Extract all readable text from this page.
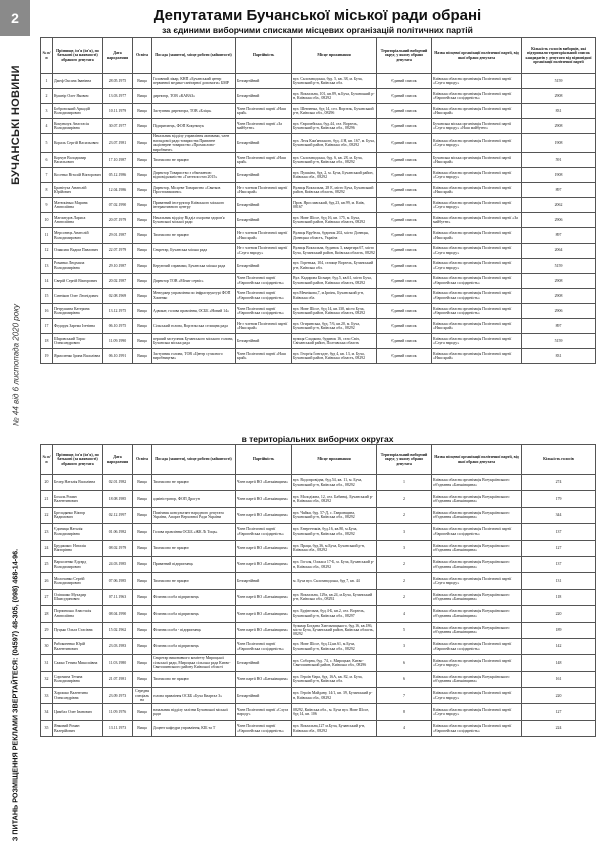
2
БУЧАНСЬКІ НОВИНИ
№ 44 від 6 листопада 2020 року
З ПИТАНЬ РОЗМІЩЕННЯ РЕКЛАМИ ЗВЕРТАЙТЕСЯ: (04597) 48-305, (098) 468-14-96.
Депутатами Бучанської міської ради обрані
за єдиними виборчими списками місцевих організацій політичних партій
№ п/п	Прізвище, ім'я (ім'я), по батькові (за наявності) обраного депутата	Дата народження	Освіта	Посада (заняття), місце роботи (зайнятості)	Партійність	Місце проживання	Територіальний виборчий округ, у якому обрано депутата	Назва місцевої організації політичної партії, від якої обрано депутата	Кількість голосів виборців, які підтримали територіальний список кандидатів у депутати від відповідної організації політичної партії
1	Джеф Оксана Іванівна	28.05.1975	Вища	Головний лікар, КНП «Бучанський центр первинної медико-санітарної допомоги» БМР	Безпартійний	вул. Склозаводська, буд. 5, кв. 38, м. Буча, Бучанський р-н, Київська обл.	Єдиний список	Київська обласна організація Політичної партії «Слуга народу»	5159
2	Кушнір Олег Якович	13.03.1977	Вища	директор, ТОВ «КАВАЗ»	Безпартійний	вул. Вокзальна, 101, кв.89, м.Буча, Бучанський р-н, Київська обл., 08292	Єдиний список	Київська обласна організація Політичної партії «Європейська солідарність»	2908
3	Бобровський Аркадій Володимирович	10.11.1979	Вища	Заступник директора, ТОВ «Бліца»	Член Політичної партії «Наш край»	вул. Шевченка, буд 14, сел. Ворзель, Бучанський р-н, Київська обл., 08296	Єдиний список	Київська обласна організація Політичної партії «Наш край»	831
4	Кокуньчук Анастасія Володимирівна	30.07.1977	Вища	Підприємець, ФОП Кокуньчук	Член Політичної партії «За майбутнє»	вул. Європейська, буд.44, сел. Ворзель, Бучанський р-н, Київська обл., 08296	Єдиний список	Бучанська міська організація Політичної партії «Слуга народу» «Наш майбутнє»	2908
5	Кораль Сергій Васильович	23.07.1981	Вища	Начальник відділу управління активами, член наглядової ради товариства Приватне акціонерне товариство «Промислово-виробниче»	Безпартійний	вул. Леся Кам'янського, буд. 4 Н, кв. 167, м. Буча, Бучанський район, Київська обл., 08292	Єдиний список	Київська обласна організація Політичної партії «Слуга народу»	1908
6	Корчун Володимир Васильович	17.10.1987	Вища	Тимчасово не працює	Член Політичної партії «Наш край»	вул. Склозаводська, буд. 6, кв. 28, м. Буча, Бучанський р-н, Київська обл., 08292	Єдиний список	Бучанська міська організація Політичної партії «Наш край»	591
7	Косенко Віталій Вікторович	05.12.1986	Вища	Директор Товариство з обмеженою відповідальністю «Газтехпостач 2015»	Безпартійний	вул. Пушкіна, буд. 2, м. Буча, Бучанський район, Київська обл., 08292	Єдиний список	Київська обласна організація Політичної партії «Слуга народу»	1908
8	Бранітуха Анатолій Юрійович	12.04.1986	Вища	Директор, Місцеве Товариство «Святков Простоквашино»	Не є членом Політичної партії «Наш край»	Вулиця Вокзальна, 28 Е, місто Буча, Бучанський район, Київська область, 08292	Єдиний список	Київська обласна організація Політичної партії «Наш край»	897
9	Матюкіньш Марина Анатоліївна	07.02.1990	Вища	Приватний інструктор Київського міського інтерактивного центру	Безпартійний	Пров. Ярославський, буд.23, кв.99, м. Київ, 08167	Єдиний список	Київська обласна організація Політичної партії «Слуга народу»	2062
10	Магомедов Лариса Анатоліївна	20.07.1979	Вища	Начальник відділу Відділ охорони здоров'я Бучанської міської ради	Безпартійний	вул. Нове Шосе, буд 16, кв. 175, м. Буча, Бучанський район, Київська область, 08292	Єдиний список	Київська обласна організація Політичної партії «За майбутнє»	2906
11	Мерсонець Анатолій Володимирович	29.01.1987	Вища	Тимчасово не працює	Не є членом Політичної партії «Наш край»	Вулиця Врубеля, будинок 202, місто Донецьк, Донецька область, Україна	Єдиний список	Київська обласна організація Політичної партії «Наш край»	897
12	Оляксиш Вадим Павлович	22.07.1979	Вища	Секретар, Бучанська міська рада	Не є членом Політичної партії «Слуга народу»	Вулиця Вокзальна, будинок 3, квартира 67, місто Буча, Бучанський район, Київська область, 08292	Єдиний список	Київська обласна організація Політичної партії «Слуга народу»	2064
13	Романко Людмила Володимирівна	29.10.1987	Вища	Керуючий справами, Бучанська міська рада	Безпартійний	вул. Горенька, 104, селище Ворзель, Бучанський р-н, Київська обл.	Єдиний список	Київська обласна організація Політичної партії «Слуга народу»	5159
14	Сверій Сергій Вікторович	20.02.1987	Вища	Директор ТОВ «Мічиг сервіс»	Член Політичної партії «Європейська солідарність»	Вул. Кадирова Бісмарт, буд.5, кв.61, місто Буча, Бучанський район, Київська область, 08292	Єдиний список	Київська обласна організація Політичної партії «Європейська солідарність»	2908
15	Ситніков Олег Леонідович	02.08.1969	Вища	Менеджер управління по інфраструктурі ФОП Хоменко	Член Політичної партії «Європейська солідарність»	вул.Мечнікова,7, м.Ірпінь, Бучанський р-н, Київська обл.	Єдиний список	Київська обласна організація Політичної партії «Європейська солідарність»	2908
16	Петрушина Катерина Володимирівна	13.12.1975	Вища	Адвокат, голова правління, ОСББ «Новий 14»	Член Політичної партії «Європейська солідарність»	вул. Нове Шосе, буд 14, кв.130, місто Буча, Бучанський район, Київська область, 08292	Єдиний список	Київська обласна організація Політичної партії «Європейська солідарність»	2906
17	Федорук Зарема Ізетівна	06.10.1975	Вища	Сільський голова, Ворзельська селищна рада	Не є членом Політичної партії «Наш край»	вул. Огиринська, буд. 7/6, кв.20, м. Буча, Бучанський р-н, Київська обл., 08292	Єдиний список	Київська обласна організація Політичної партії «Наш край»	897
18	Шаровський Тарас Олександрович	11.09.1990	Вища	перший заступник Бучанського міського голови, Бучанська міська рада	Безпартійний	вулиця Сладкова, будинок 16, село Свіч, Свічанський район, Полтавська область	Єдиний список	Київська обласна організація Політичної партії «Слуга народу»	5159
19	Ярмоленко Ірина Василівна	06.10.1991	Вища	Заступник голови, ТОВ «Центр сучасного виробництва»	Член Політичної партії «Наш край»	вул. Георгія Ґонгадзе, буд 4, кв. 13, м. Буча, Бучанський район, Київська область, 08292	Єдиний список	Київська обласна організація Політичної партії «Наш край»	831
в територіальних виборчих округах
№ п/п	Прізвище, ім'я (ім'я), по батькові (за наявності) обраного депутата	Дата народження	Освіта	Посада (заняття), місце роботи (зайнятості)	Партійність	Місце проживання	Територіальний виборчий округ, у якому обрано депутата	Назва місцевої організації політичної партії, від якої обрано депутата	Кількість голосів
20	Белер Наталія Василівна	02.01.1982	Вища	Тимчасово не працює	Член партії ВО «Батьківщина»	вул. Водопровідна, буд.54, кв. 11, м. Буча, Бучанський р-н, Київська обл., 08292	1	Київська обласна організація Всеукраїнського об'єднання «Батьківщина»	274
21	Бохаль Роман Валентинович	18.08.1985	Вища	адміністратор, ФОП Дрогун	Член партії ВО «Батьківщина»	вул. Молодіжна, 12, сел. Бабинці, Бучанський р-н, Київська обл., 08292	2	Київська обласна організація Всеукраїнського об'єднання «Батьківщина»	179
22	Бреладянко Віктор Вадимович	02.12.1997	Вища	Помічник консультант народного депутата України, Апарат Верховної Ради України	Член партії ВО «Батьківщина»	вул. Чайки, буд. 57-Д, с. Гавронщина, Бучанський р-н, Київська обл., 08292	2	Київська обласна організація Всеукраїнського об'єднання «Батьківщина»	344
23	Єдиниця Наталія Володимирівна	01.06.1982	Вища	Голова правління ОСББ «ЖК Лі Тиць»	Член Політичної партії «Європейська солідарність»	вул. Енергетиків, буд.16, кв.80, м.Буча, Бучанський р-н, Київська обл., 08292	3	Київська обласна організація Політичної партії «Європейська солідарність»	137
24	Бруджикос Наталія Вікторівна	08.02.1979	Вища	Тимчасово не працює	Член партії ВО «Батьківщина»	вул. Праця, буд.36, м.Буча, Бучанський р-н, Київська обл., 08292	3	Київська обласна організація Всеукраїнського об'єднання «Батьківщина»	127
25	Вархоленко Едуард Володимирович	24.03.1985	Вища	Приватний підприємець	Член партії ВО «Батьківщина»	вул. Гоголя, Олжаса 17-Б, м. Буча, Бучанський р-н, Київська обл., 08292	2	Київська обласна організація Всеукраїнського об'єднання «Батьківщина»	137
26	Молочанко Сергій Володимирович	07.06.1985	Вища	Тимчасово не працює	Безпартійний	м. Буча вул. Склозаводська, буд 7, кв. 44	2	Київська обласна організація Політичної партії «Слуга народу»	131
27	Оліпашко Мухадир Шамсудинович	07.11.1963	Вища	Фізична особа підприємець	Член партії ВО «Батьківщина»	вул. Вокзальна, 129а, кв.24, м.Буча, Бучанський р-н, Київська обл., 08292	2	Київська обласна організація Всеукраїнського об'єднання «Батьківщина»	118
28	Порчинська Анастасія Анатоліївна	08.04.1990	Вища	Фізична особа підприємець	Член партії ВО «Батьківщина»	вул. Будівельна, буд 4-Б, кв.2, сел. Ворзель, Бучанський р-н, Київська обл., 08297	4	Київська обласна організація Всеукраїнського об'єднання «Батьківщина»	220
29	Пуцько Ольга Стасівна	15.02.1962	Вища	Фізична особа - підприємець	Член партії ВО «Батьківщина»	бульвар Богдана Хмельницького, буд.16, кв.186, місто Буча, Бучанський район, Київська область, 08292	5	Київська обласна організація Всеукраїнського об'єднання «Батьківщина»	189
30	Рябоконенко Юрій Валентинович	23.03.1983	Вища	Фізична особа підприємець	Член Політичної партії «Європейська солідарність»	вул. Нове Шосе, буд.12,кв.61, м.Буча, Бучанський р-н, Київська обл., 08292	3	Київська обласна організація Політичної партії «Європейська солідарність»	142
31	Сажко Тетяна Миколаївна	11.03.1980	Вища	Секретар виконавчого комітету Мироцької сільської ради, Мироцька сільська рада Києво-Святошинського району Київської області	Безпартійний	вул. Соборна, буд. 74, с. Мироцьке, Києво-Святошинський район, Київська обл., 08296	6	Київська обласна організація Політичної партії «Слуга народу»	148
32	Сорочина Тетяна Володимирівна	21.07.1981	Вища	Тимчасово не працює	Член партії ВО «Батьківщина»	вул. Героїв Євра, буд. 16А, кв. 82, м. Буча, Бучанський р-н, Київська обл.	6	Київська обласна організація Всеукраїнського об'єднання «Батьківщина»	161
33	Хорошко Валентина Олександрівна	23.09.1973	Середня спеціальна	голова правління ОСББ «Буча Квартал 3»	Безпартійний	вул. Героїв Майдану, 14/1, кв. 39, Бучанський р-н, Київська обл., 08292	7	Київська обласна організація Політичної партії «Слуга народу»	220
34	Цимбал Олег Іванович	11.09.1976	Вища	начальник відділу залізни Бучанської міської ради	Член Політичної партії «Слуга народу»	08292, Київська обл., м. Буча вул. Нове Шосе, буд 14, кв. 106	8	Київська обласна організація Політичної партії «Слуга народу»	127
35	Янковий Роман Валерійович	13.11.1973	Вища	Доцент кафедри управління, КІБ та Т	Член Політичної партії «Європейська солідарність»	вул. Вокзальна,127 м.Буча, Бучанський р-н, Київська обл., 08292	4	Київська обласна організація Політичної партії «Європейська солідарність»	224
